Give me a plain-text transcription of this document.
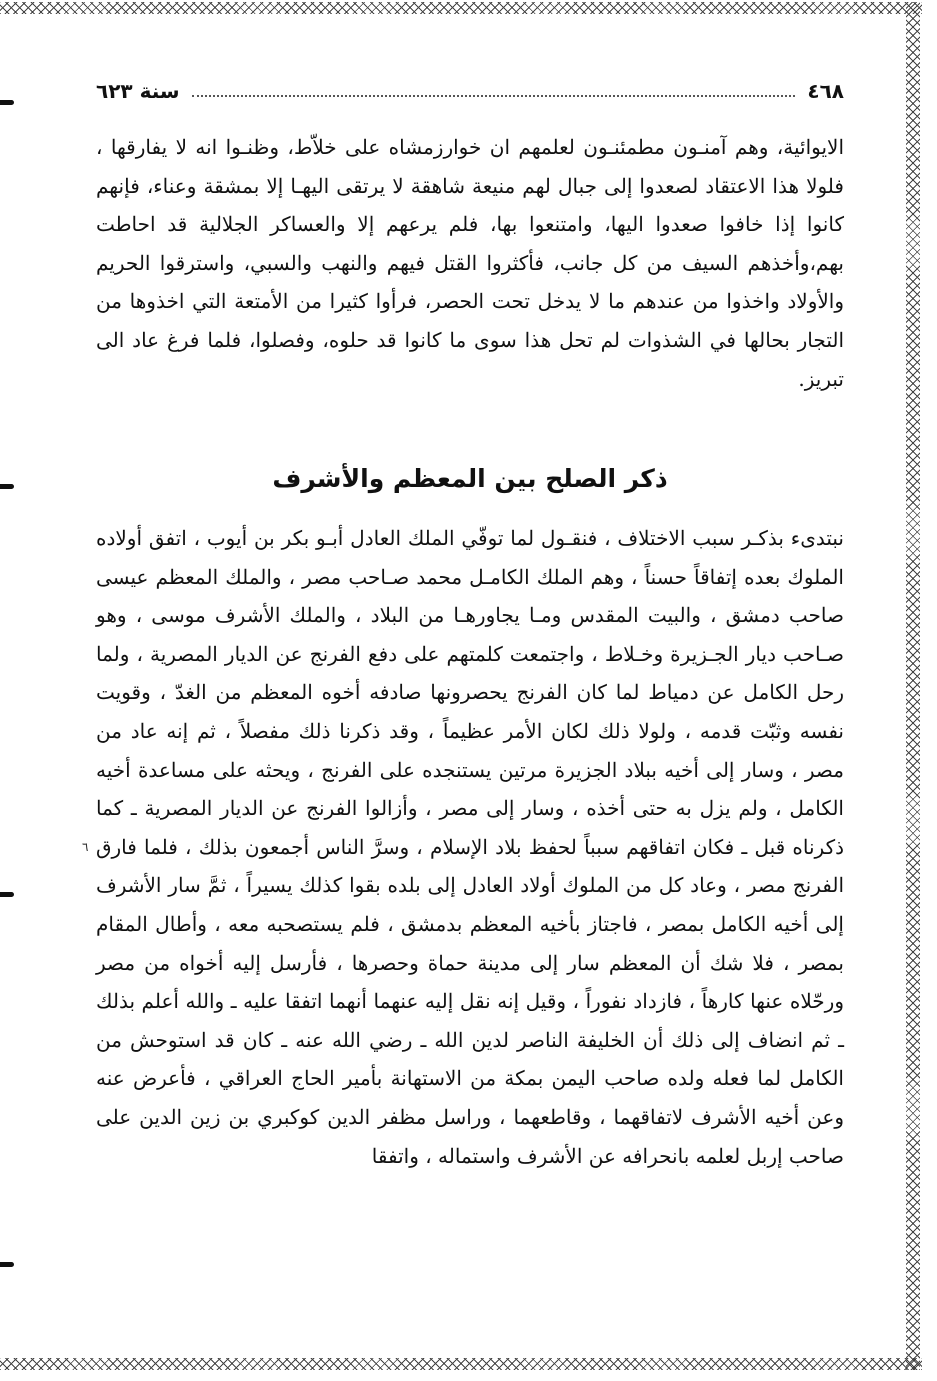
٤٦٨
سنة ٦٢٣

الايوائية، وهم آمنـون مطمئنـون لعلمهم ان خوارزمشاه على خلاّط، وظنـوا انه لا يفارقها ، فلولا هذا الاعتقاد لصعدوا إلى جبال لهم منيعة شاهقة لا يرتقى اليهـا إلا بمشقة وعناء، فإنهم كانوا إذا خافوا صعدوا اليها، وامتنعوا بها، فلم يرعهم إلا والعساكر الجلالية قد احاطت بهم،وأخذهم السيف من كل جانب، فأكثروا القتل فيهم والنهب والسبي، واسترقوا الحريم والأولاد واخذوا من عندهم ما لا يدخل تحت الحصر، فرأوا كثيرا من الأمتعة التي اخذوها من التجار بحالها في الشذوات لم تحل هذا سوى ما كانوا قد حلوه، وفصلوا، فلما فرغ عاد الى تبريز.

ذكر الصلح بين المعظم والأشرف

نبتدىء بذكـر سبب الاختلاف ، فنقـول لما توفّي الملك العادل أبـو بكر بن أيوب ، اتفق أولاده الملوك بعده إتفاقاً حسناً ، وهم الملك الكامـل محمد صـاحب مصر ، والملك المعظم عيسى صاحب دمشق ، والبيت المقدس ومـا يجاورهـا من البلاد ، والملك الأشرف موسى ، وهو صـاحب ديار الجـزيرة وخـلاط ، واجتمعت كلمتهم على دفع الفرنج عن الديار المصرية ، ولما رحل الكامل عن دمياط لما كان الفرنج يحصرونها صادفه أخوه المعظم من الغدّ ، وقويت نفسه وثبّت قدمه ، ولولا ذلك لكان الأمر عظيماً ، وقد ذكرنا ذلك مفصلاً ، ثم إنه عاد من مصر ، وسار إلى أخيه ببلاد الجزيرة مرتين يستنجده على الفرنج ، ويحثه على مساعدة أخيه الكامل ، ولم يزل به حتى أخذه ، وسار إلى مصر ، وأزالوا الفرنج عن الديار المصرية ـ كما ذكرناه قبل ـ فكان اتفاقهم سبباً لحفظ بلاد الإسلام ، وسرَّ الناس أجمعون بذلك ، فلما فارق الفرنج مصر ، وعاد كل من الملوك أولاد العادل إلى بلده بقوا كذلك يسيراً ، ثمَّ سار الأشرف إلى أخيه الكامل بمصر ، فاجتاز بأخيه المعظم بدمشق ، فلم يستصحبه معه ، وأطال المقام بمصر ، فلا شك أن المعظم سار إلى مدينة حماة وحصرها ، فأرسل إليه أخواه من مصر ورحّلاه عنها كارهاً ، فازداد نفوراً ، وقيل إنه نقل إليه عنهما أنهما اتفقا عليه ـ والله أعلم بذلك ـ ثم انضاف إلى ذلك أن الخليفة الناصر لدين الله ـ رضي الله عنه ـ كان قد استوحش من الكامل لما فعله ولده صاحب اليمن بمكة من الاستهانة بأمير الحاج العراقي ، فأعرض عنه وعن أخيه الأشرف لاتفاقهما ، وقاطعهما ، وراسل مظفر الدين كوكبري بن زين الدين على صاحب إربل لعلمه بانحرافه عن الأشرف واستماله ، واتفقا

٦
